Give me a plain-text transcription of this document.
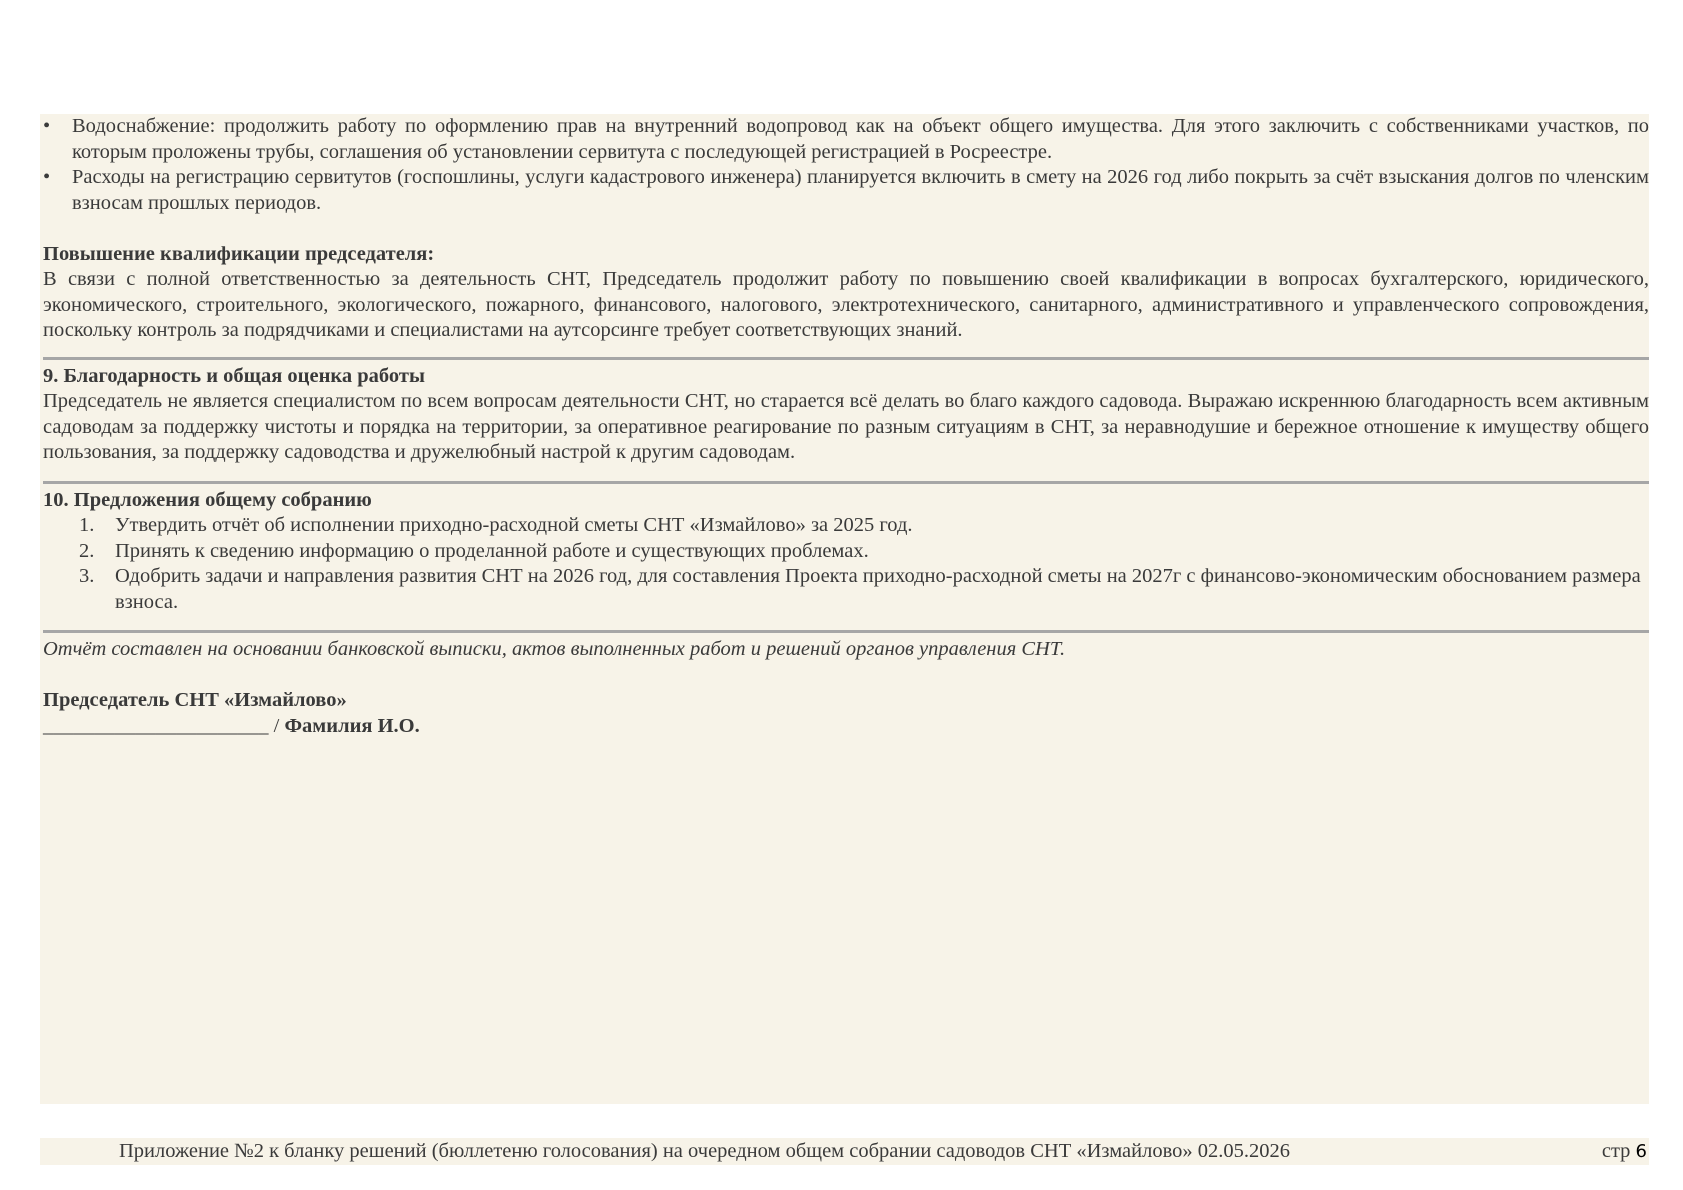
•	Водоснабжение: продолжить работу по оформлению прав на внутренний водопровод как на объект общего имущества. Для этого заключить с собственниками участков, по которым проложены трубы, соглашения об установлении сервитута с последующей регистрацией в Росреестре.
•	Расходы на регистрацию сервитутов (госпошлины, услуги кадастрового инженера) планируется включить в смету на 2026 год либо покрыть за счёт взыскания долгов по членским взносам прошлых периодов.
Повышение квалификации председателя:
В связи с полной ответственностью за деятельность СНТ, Председатель продолжит работу по повышению своей квалификации в вопросах бухгалтерского, юридического, экономического, строительного, экологического, пожарного, финансового, налогового, электротехнического, санитарного, административного и управленческого сопровождения, поскольку контроль за подрядчиками и специалистами на аутсорсинге требует соответствующих знаний.
9. Благодарность и общая оценка работы
Председатель не является специалистом по всем вопросам деятельности СНТ, но старается всё делать во благо каждого садовода. Выражаю искреннюю благодарность всем активным садоводам за поддержку чистоты и порядка на территории, за оперативное реагирование по разным ситуациям в СНТ, за неравнодушие и бережное отношение к имуществу общего пользования, за поддержку садоводства и дружелюбный настрой к другим садоводам.
10. Предложения общему собранию
1.	Утвердить отчёт об исполнении приходно-расходной сметы СНТ «Измайлово» за 2025 год.
2.	Принять к сведению информацию о проделанной работе и существующих проблемах.
3.	Одобрить задачи и направления развития СНТ на 2026 год, для составления Проекта приходно-расходной сметы на 2027г с финансово-экономическим обоснованием размера взноса.
Отчёт составлен на основании банковской выписки, актов выполненных работ и решений органов управления СНТ.
Председатель СНТ «Измайлово»
______________________ / Фамилия И.О.
Приложение №2 к бланку решений (бюллетеню голосования) на очередном общем собрании садоводов СНТ «Измайлово» 02.05.2026	стр 6
